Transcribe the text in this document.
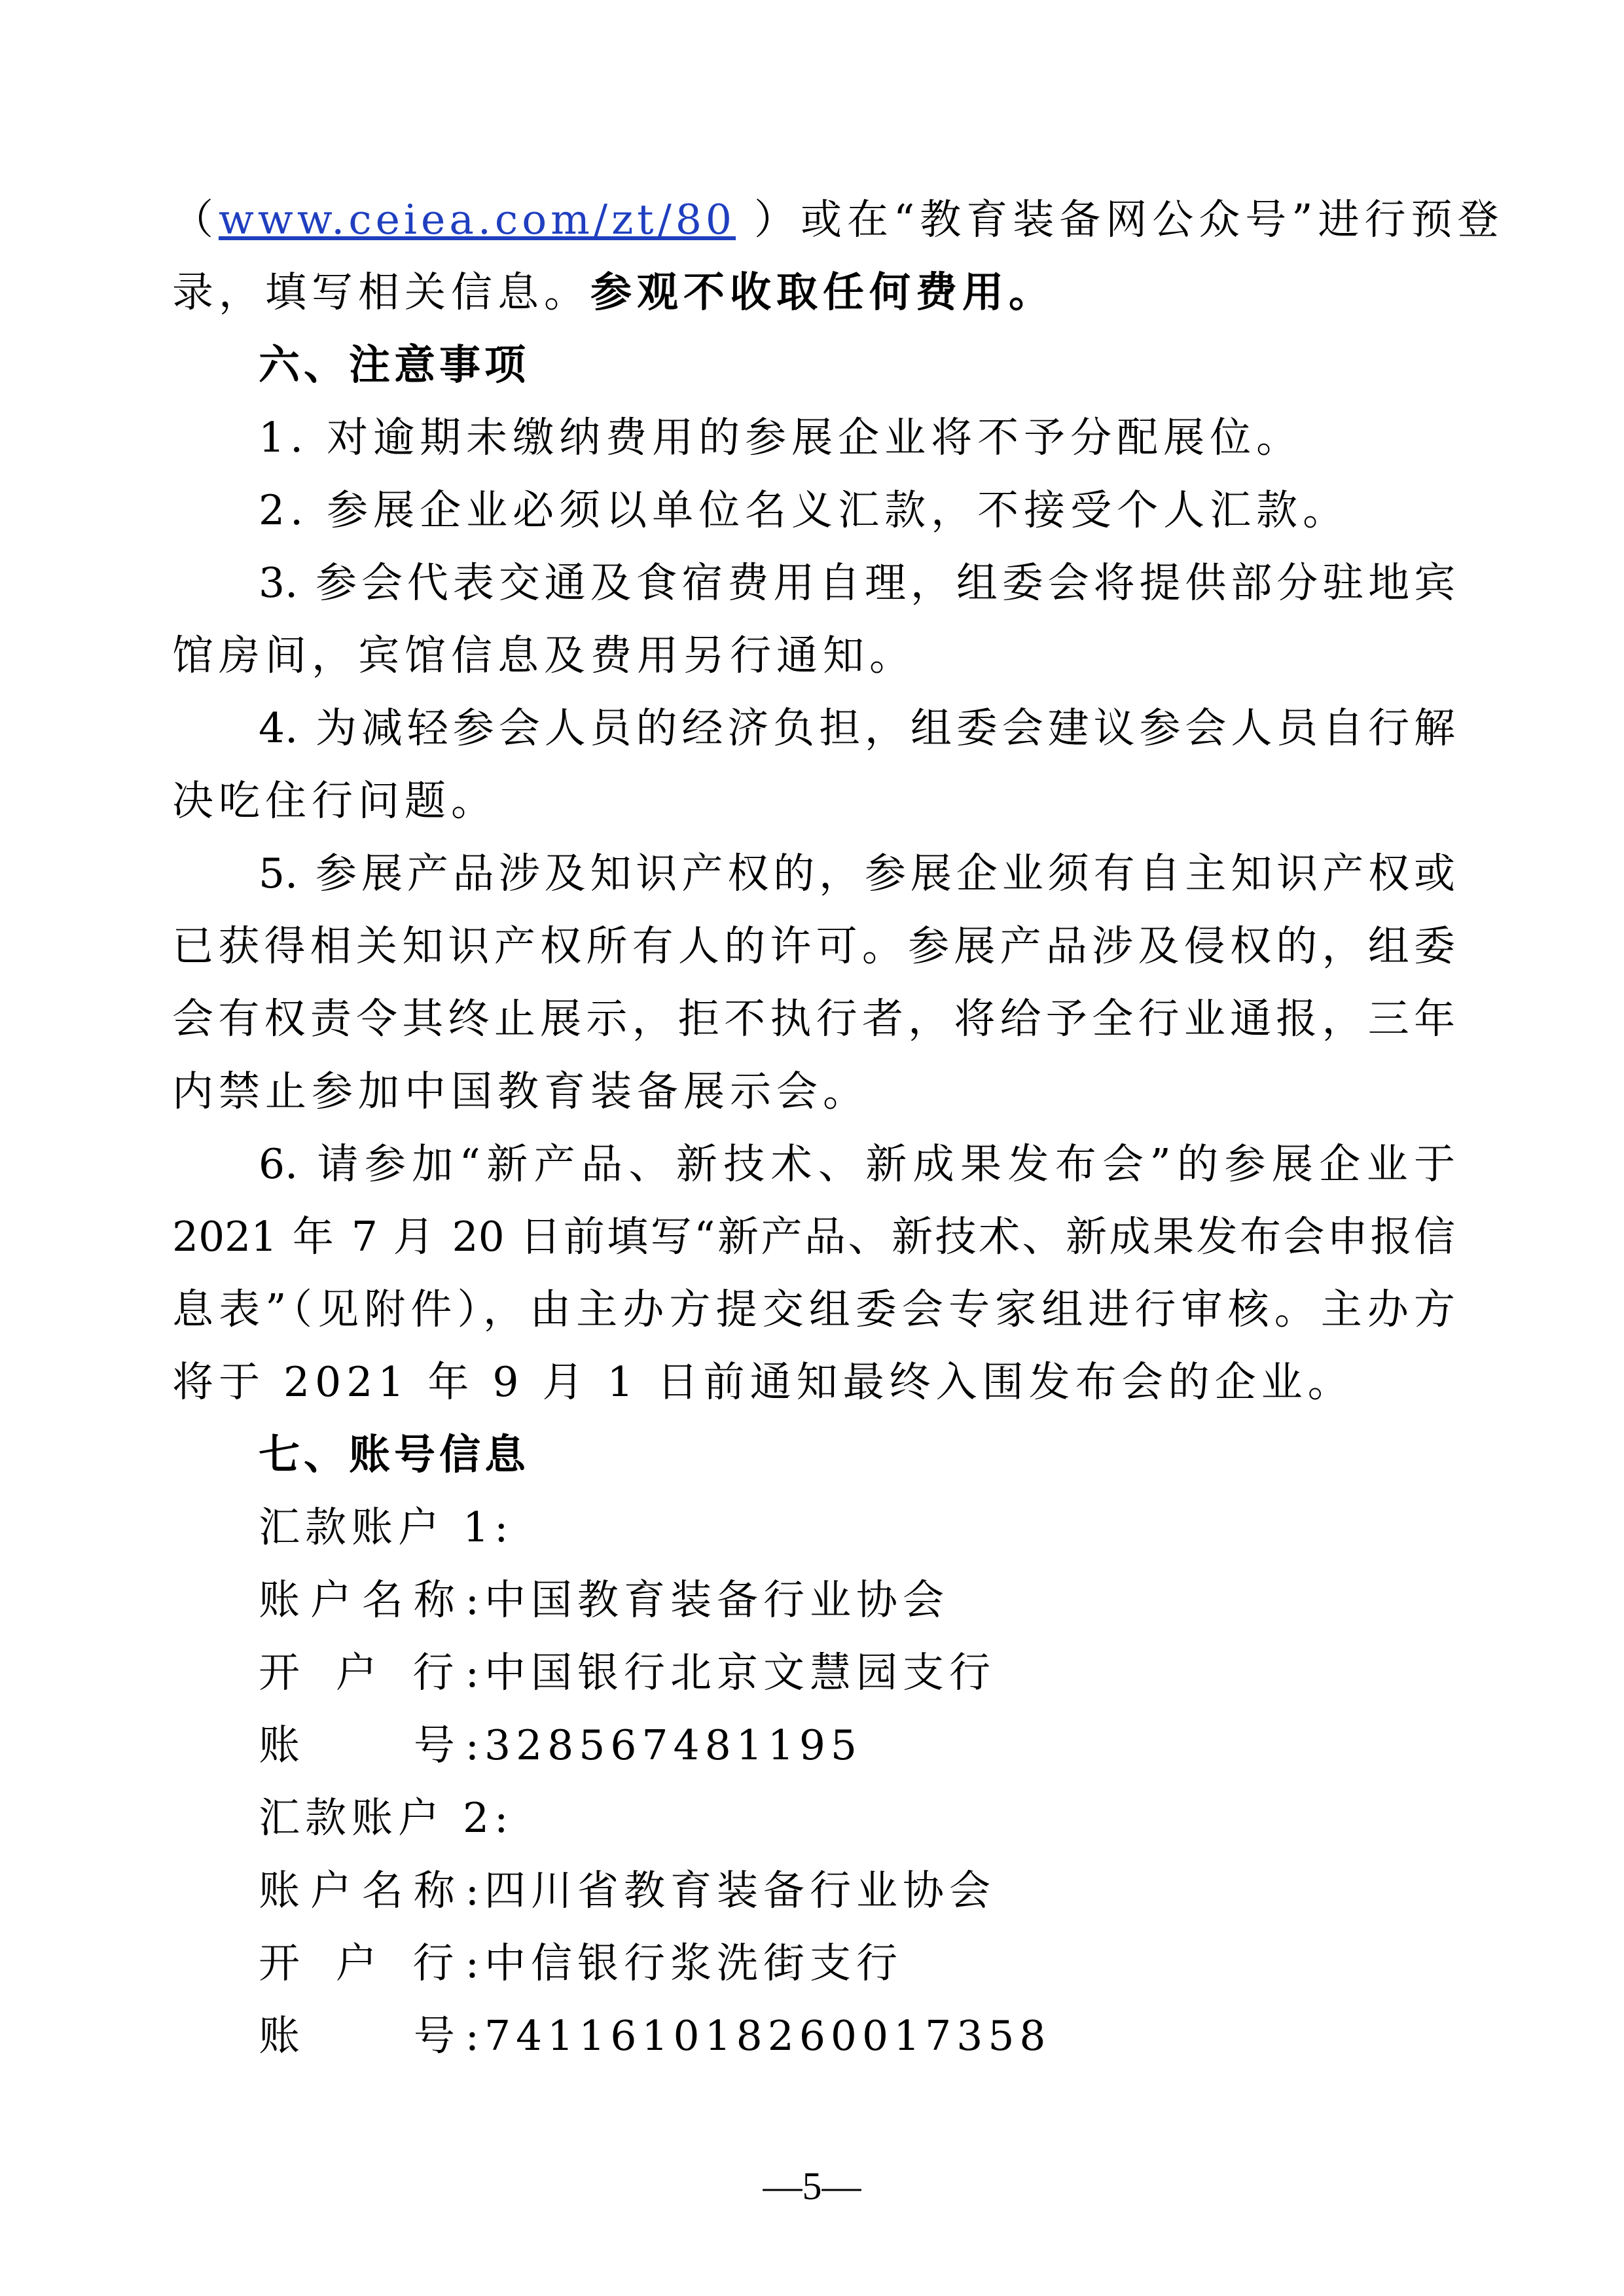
（www.ceiea.com/zt/80 ）或在“教育装备网公众号”进行预登
录，填写相关信息。参观不收取任何费用。
六、注意事项
1. 对逾期未缴纳费用的参展企业将不予分配展位。
2. 参展企业必须以单位名义汇款，不接受个人汇款。
3. 参会代表交通及食宿费用自理，组委会将提供部分驻地宾
馆房间，宾馆信息及费用另行通知。
4. 为减轻参会人员的经济负担，组委会建议参会人员自行解
决吃住行问题。
5. 参展产品涉及知识产权的，参展企业须有自主知识产权或
已获得相关知识产权所有人的许可。参展产品涉及侵权的，组委
会有权责令其终止展示，拒不执行者，将给予全行业通报，三年
内禁止参加中国教育装备展示会。
6. 请参加“新产品、新技术、新成果发布会”的参展企业于
2021 年 7 月 20 日前填写“新产品、新技术、新成果发布会申报信
息表”（见附件），由主办方提交组委会专家组进行审核。主办方
将于 2021 年 9 月 1 日前通知最终入围发布会的企业。
七、账号信息
汇款账户 1:
账户名称:中国教育装备行业协会
开 户 行:中国银行北京文慧园支行
账　　号:328567481195
汇款账户 2:
账户名称:四川省教育装备行业协会
开 户 行:中信银行浆洗街支行
账　　号:741161018260017358
—5—
